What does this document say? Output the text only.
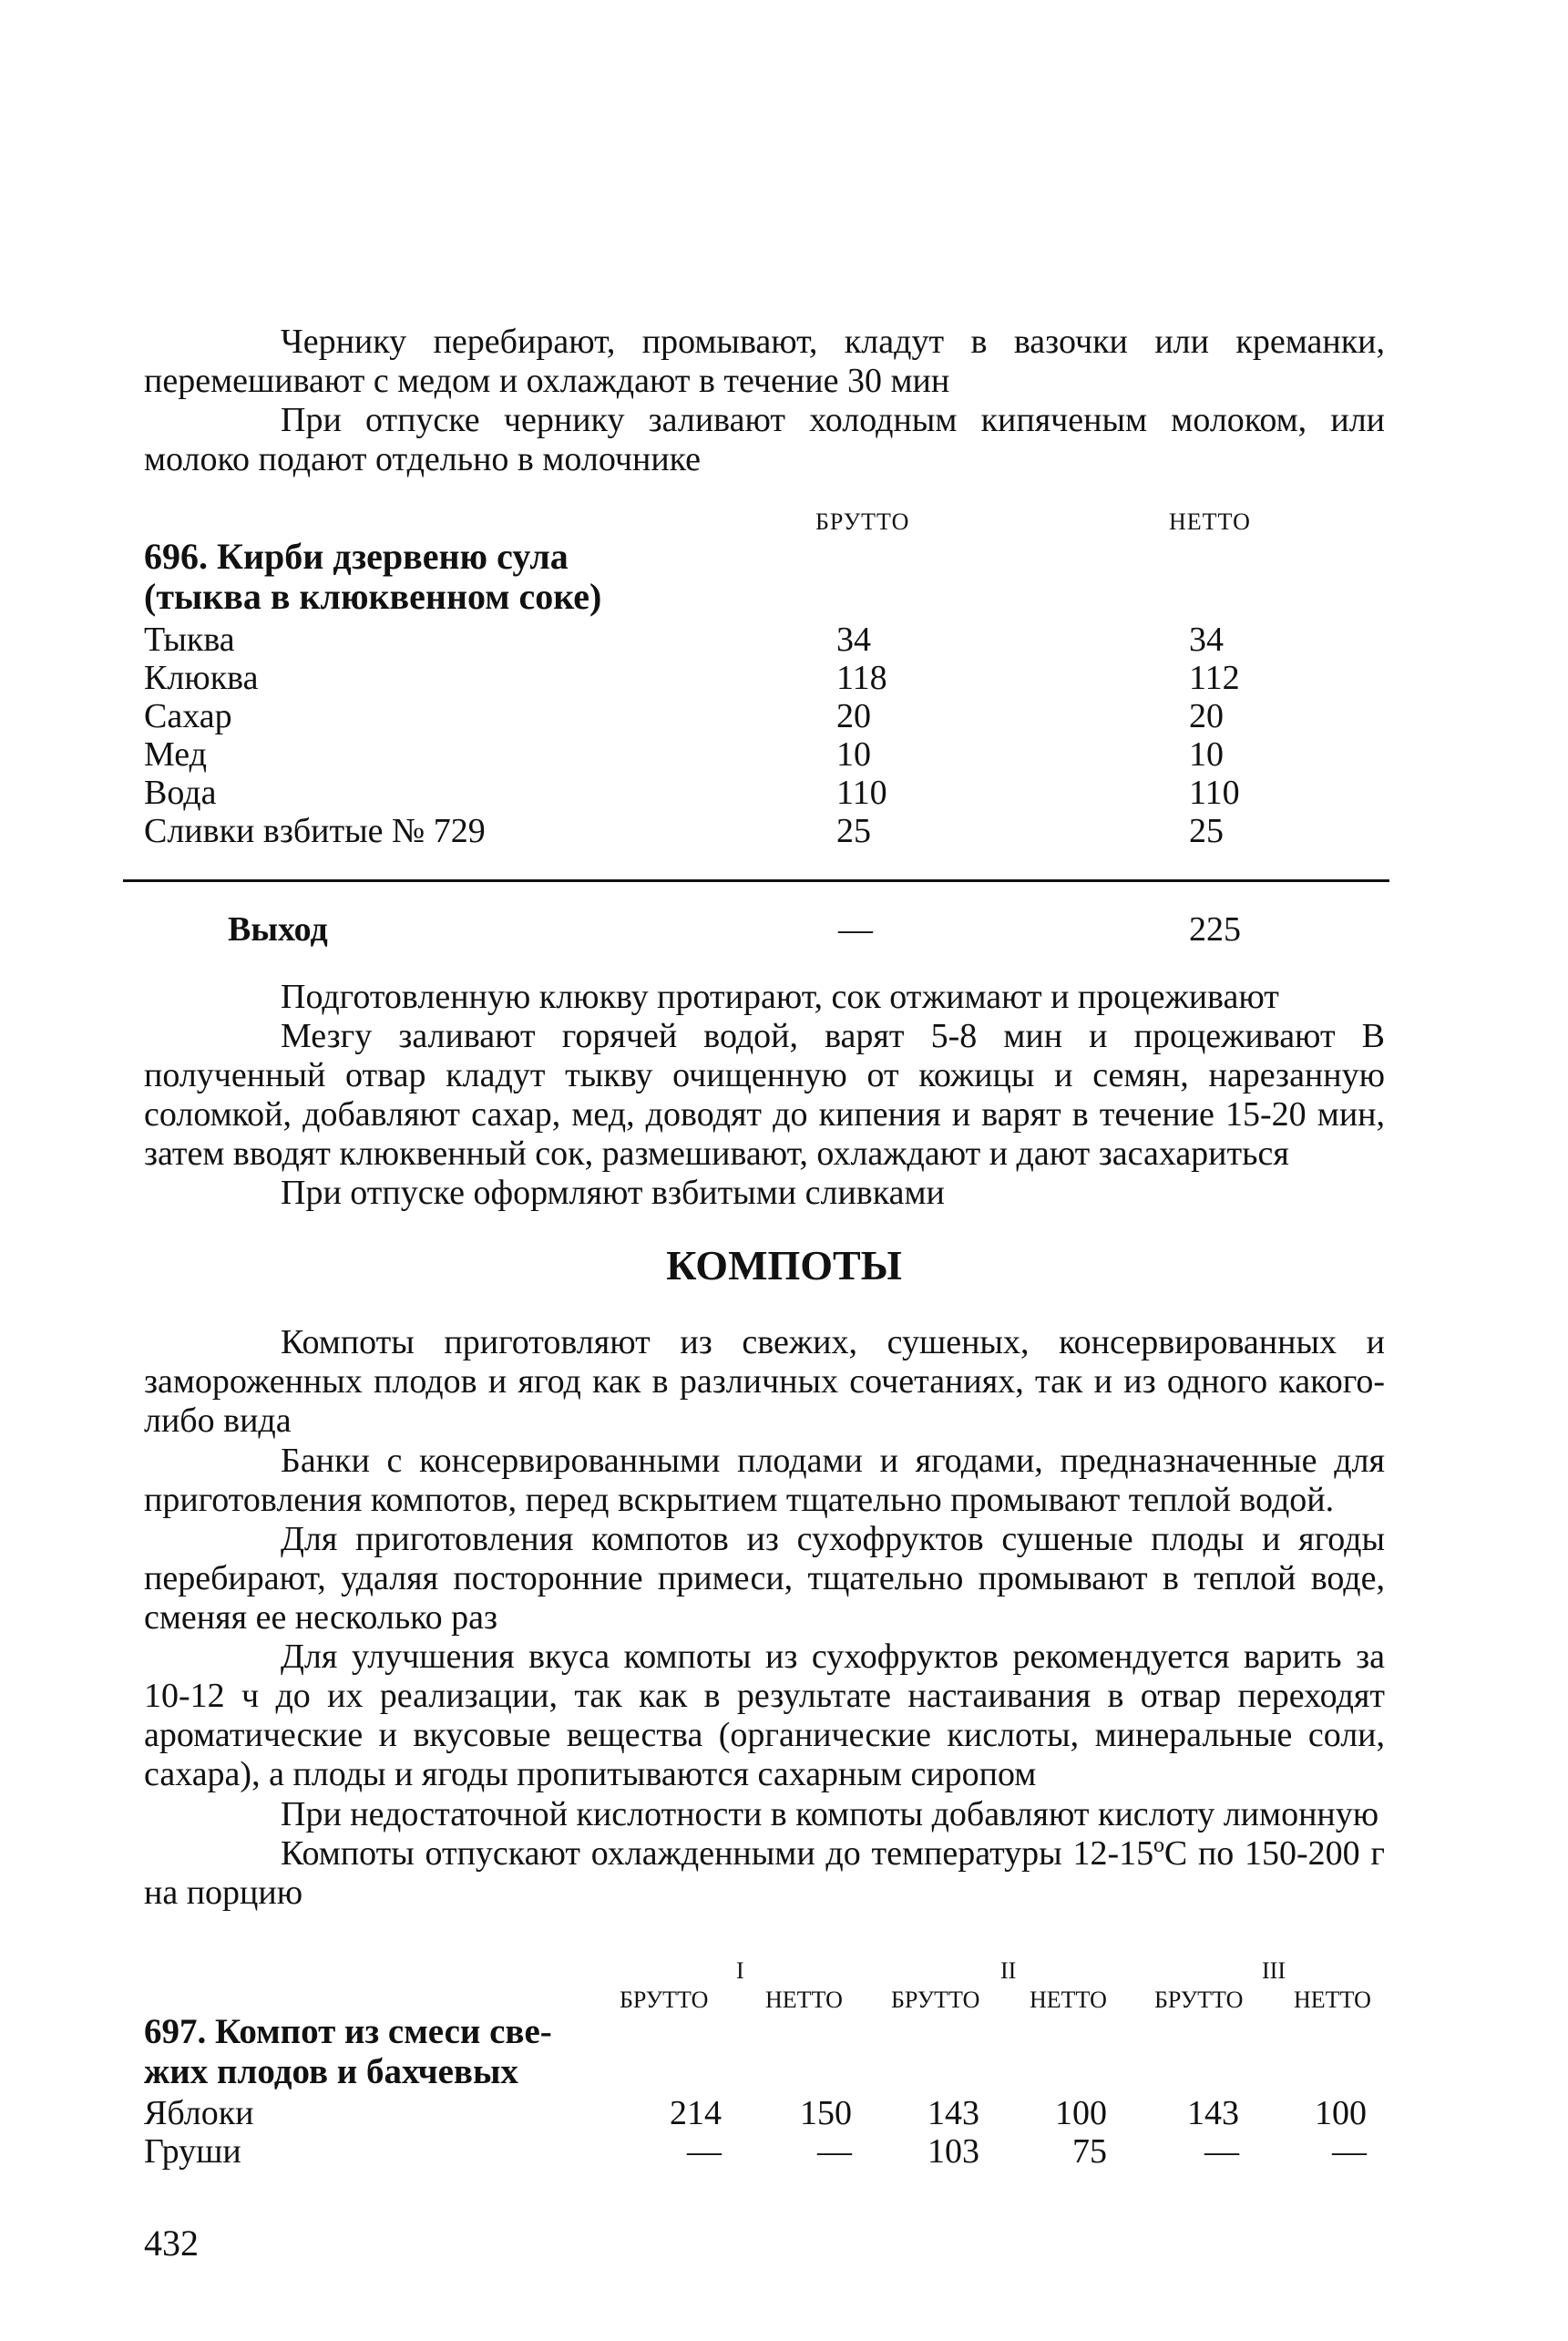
Чернику перебирают, промывают, кладут в вазочки или креманки, перемешивают с медом и охлаждают в течение 30 мин
При отпуске чернику заливают холодным кипяченым молоком, или молоко подают отдельно в молочнике
БРУТТО	НЕТТО
696. Кирби дзервеню сула
(тыква в клюквенном соке)
Тыква	34	34
Клюква	118	112
Сахар	20	20
Мед	10	10
Вода	110	110
Сливки взбитые № 729	25	25
Выход	—	225
Подготовленную клюкву протирают, сок отжимают и процеживают
Мезгу заливают горячей водой, варят 5-8 мин и процеживают В полученный отвар кладут тыкву очищенную от кожицы и семян, нарезанную соломкой, добавляют сахар, мед, доводят до кипения и варят в течение 15-20 мин, затем вводят клюквенный сок, размешивают, охлаждают и дают засахариться
При отпуске оформляют взбитыми сливками
КОМПОТЫ
Компоты приготовляют из свежих, сушеных, консервированных и замороженных плодов и ягод как в различных сочетаниях, так и из одного какого-либо вида
Банки с консервированными плодами и ягодами, предназначенные для приготовления компотов, перед вскрытием тщательно промывают теплой водой.
Для приготовления компотов из сухофруктов сушеные плоды и ягоды перебирают, удаляя посторонние примеси, тщательно промывают в теплой воде, сменяя ее несколько раз
Для улучшения вкуса компоты из сухофруктов рекомендуется варить за 10-12 ч до их реализации, так как в результате настаивания в отвар переходят ароматические и вкусовые вещества (органические кислоты, минеральные соли, сахара), а плоды и ягоды пропитываются сахарным сиропом
При недостаточной кислотности в компоты добавляют кислоту лимонную
Компоты отпускают охлажденными до температуры 12-15ºС по 150-200 г на порцию
I	II	III
БРУТТО НЕТТО БРУТТО НЕТТО БРУТТО НЕТТО
697. Компот из смеси све-
жих плодов и бахчевых
Яблоки	214	150	143	100	143	100
Груши	—	—	103	75	—	—
432
